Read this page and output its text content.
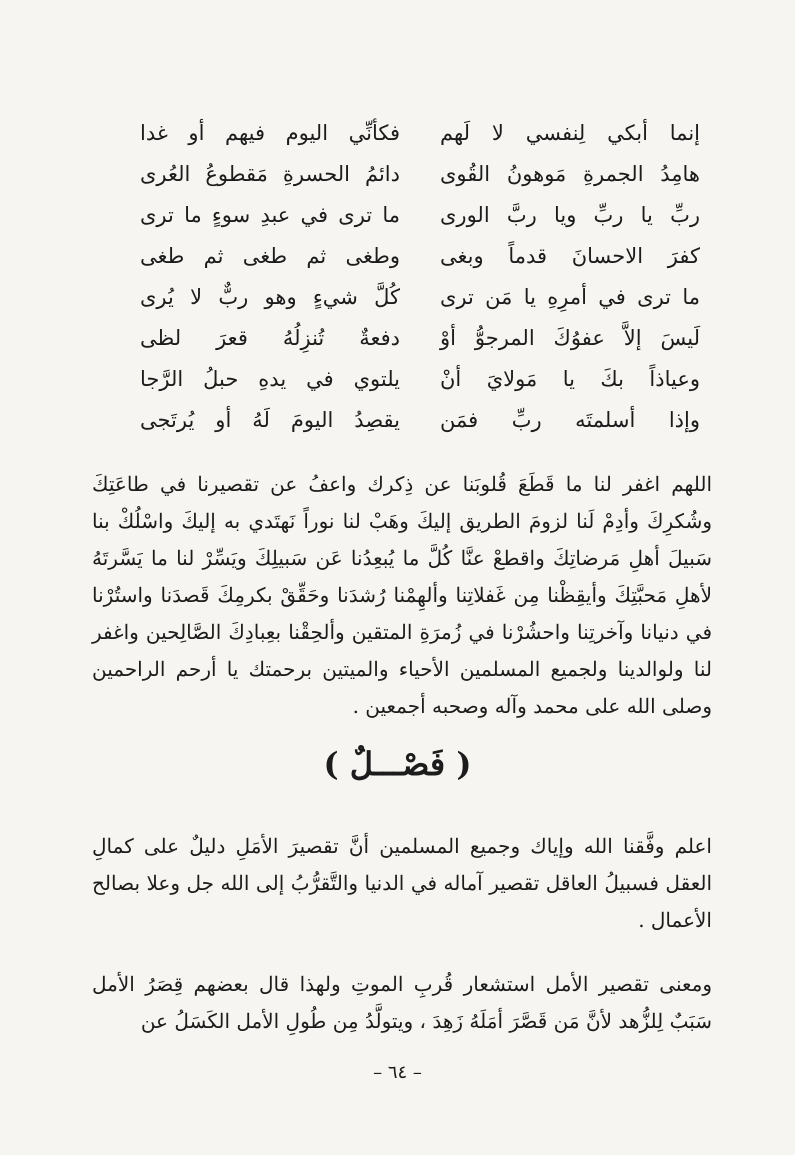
إنما أبكي لِنفسي لا لَهم
فكأنِّي اليوم فيهم أو غدا
هامِدُ الجمرةِ مَوهونُ القُوى
دائمُ الحسرةِ مَقطوعُ العُرى
ربِّ يا ربِّ ويا ربَّ الورى
ما ترى في عبدِ سوءٍ ما ترى
كفرَ الاحسانَ قدماً وبغى
وطغى ثم طغى ثم طغى
ما ترى في أمرِهِ يا مَن ترى
كُلَّ شيءٍ وهو ربٌّ لا يُرى
لَيسَ إلاَّ عفوُكَ المرجوُّ أوْ
دفعةٌ تُنزِلُهُ قعرَ لظى
وعياذاً بكَ يا مَولايَ أنْ
يلتوي في يدهِ حبلُ الرَّجا
وإذا أسلمتَه ربِّ فمَن
يقصِدُ اليومَ لَهُ أو يُرتَجى

اللهم اغفر لنا ما قَطَعَ قُلوبَنا عن ذِكرك واعفُ عن تقصيرنا في طاعَتِكَ وشُكرِكَ وأدِمْ لَنا لزومَ الطريق إليكَ وهَبْ لنا نوراً نَهتَدي به إليكَ واسْلُكْ بنا سَبيلَ أهلِ مَرضاتِكَ واقطعْ عنَّا كُلَّ ما يُبعِدُنا عَن سَبيلِكَ ويَسِّرْ لنا ما يَسَّرتَهُ لأهلِ مَحبَّتِكَ وأيقِظْنا مِن غَفلاتِنا وألهِمْنا رُشدَنا وحَقِّقْ بكرمِكَ قَصدَنا واستُرْنا في دنيانا وآخرتِنا واحشُرْنا في زُمرَةِ المتقين وألحِقْنا بعِبادِكَ الصَّالِحين واغفر لنا ولوالدينا ولجميع المسلمين الأحياء والميتين برحمتك يا أرحم الراحمين وصلى الله على محمد وآله وصحبه أجمعين .

( فَصْـــلٌ )

اعلم وفَّقنا الله وإياك وجميع المسلمين أنَّ تقصيرَ الأمَلِ دليلٌ على كمالِ العقل فسبيلُ العاقل تقصير آماله في الدنيا والتَّقرُّبُ إلى الله جل وعلا بصالح الأعمال .

ومعنى تقصير الأمل استشعار قُربِ الموتِ ولهذا قال بعضهم قِصَرُ الأمل سَبَبٌ لِلزُّهد لأنَّ مَن قَصَّرَ أمَلَهُ زَهِدَ ، ويتولَّدُ مِن طُولِ الأمل الكَسَلُ عن

– ٦٤ –
